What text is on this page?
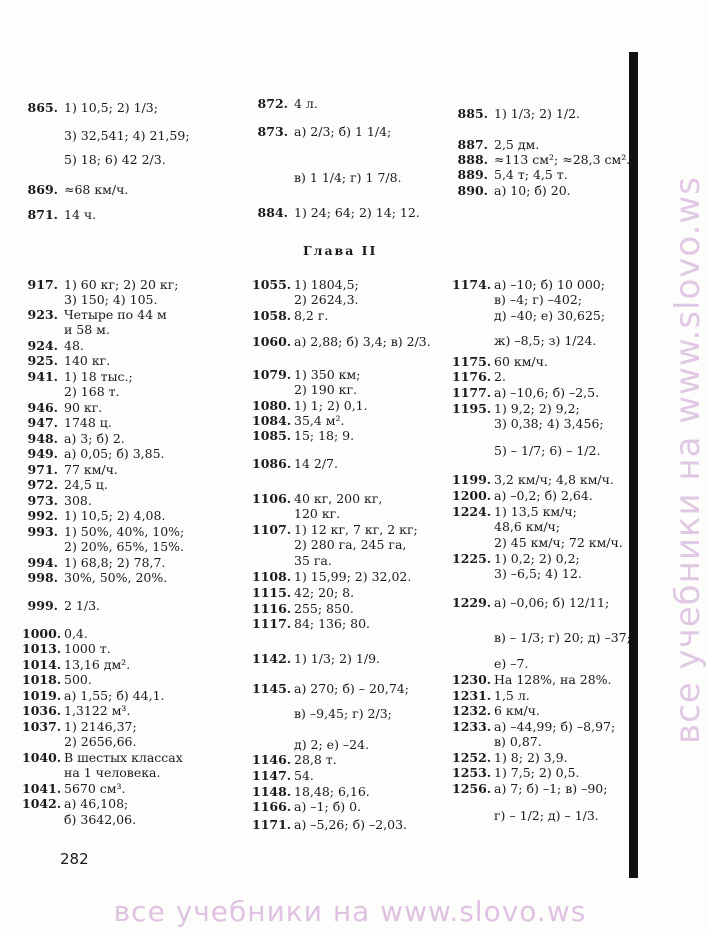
все учебники на www.slovo.ws
865. 1) 10,5; 2) 1/3;
3) 32,541; 4) 21,59;
5) 18; 6) 42 2/3.
869. ≈68 км/ч.
871. 14 ч.
872. 4 л.
873. а) 2/3; б) 1 1/4;
в) 1 1/4; г) 1 7/8.
884. 1) 24; 64; 2) 14; 12.
885. 1) 1/3; 2) 1/2.
887. 2,5 дм.
888. ≈113 см²; ≈28,3 см².
889. 5,4 т; 4,5 т.
890. а) 10; б) 20.
Глава II
917. 1) 60 кг; 2) 20 кг;
3) 150; 4) 105.
923. Четыре по 44 м
и 58 м.
924. 48.
925. 140 кг.
941. 1) 18 тыс.;
2) 168 т.
946. 90 кг.
947. 1748 ц.
948. а) 3; б) 2.
949. а) 0,05; б) 3,85.
971. 77 км/ч.
972. 24,5 ц.
973. 308.
992. 1) 10,5; 2) 4,08.
993. 1) 50%, 40%, 10%;
2) 20%, 65%, 15%.
994. 1) 68,8; 2) 78,7.
998. 30%, 50%, 20%.
999. 2 1/3.
1000. 0,4.
1013. 1000 т.
1014. 13,16 дм².
1018. 500.
1019. а) 1,55; б) 44,1.
1036. 1,3122 м³.
1037. 1) 2146,37;
2) 2656,66.
1040. В шестых классах
на 1 человека.
1041. 5670 см³.
1042. а) 46,108;
б) 3642,06.
1055. 1) 1804,5;
2) 2624,3.
1058. 8,2 г.
1060. а) 2,88; б) 3,4; в) 2/3.
1079. 1) 350 км;
2) 190 кг.
1080. 1) 1; 2) 0,1.
1084. 35,4 м².
1085. 15; 18; 9.
1086. 14 2/7.
1106. 40 кг, 200 кг,
120 кг.
1107. 1) 12 кг, 7 кг, 2 кг;
2) 280 га, 245 га,
35 га.
1108. 1) 15,99; 2) 32,02.
1115. 42; 20; 8.
1116. 255; 850.
1117. 84; 136; 80.
1142. 1) 1/3; 2) 1/9.
1145. а) 270; б) – 20,74;
в) –9,45; г) 2/3;
д) 2; е) –24.
1146. 28,8 т.
1147. 54.
1148. 18,48; 6,16.
1166. а) –1; б) 0.
1171. а) –5,26; б) –2,03.
1174. а) –10; б) 10 000;
в) –4; г) –402;
д) –40; е) 30,625;
ж) –8,5; з) 1/24.
1175. 60 км/ч.
1176. 2.
1177. а) –10,6; б) –2,5.
1195. 1) 9,2; 2) 9,2;
3) 0,38; 4) 3,456;
5) – 1/7; 6) – 1/2.
1199. 3,2 км/ч; 4,8 км/ч.
1200. а) –0,2; б) 2,64.
1224. 1) 13,5 км/ч;
48,6 км/ч;
2) 45 км/ч; 72 км/ч.
1225. 1) 0,2; 2) 0,2;
3) –6,5; 4) 12.
1229. а) –0,06; б) 12/11;
в) – 1/3; г) 20; д) –37;
е) –7.
1230. На 128%, на 28%.
1231. 1,5 л.
1232. 6 км/ч.
1233. а) –44,99; б) –8,97;
в) 0,87.
1252. 1) 8; 2) 3,9.
1253. 1) 7,5; 2) 0,5.
1256. а) 7; б) –1; в) –90;
г) – 1/2; д) – 1/3.
282
все учебники на www.slovo.ws
